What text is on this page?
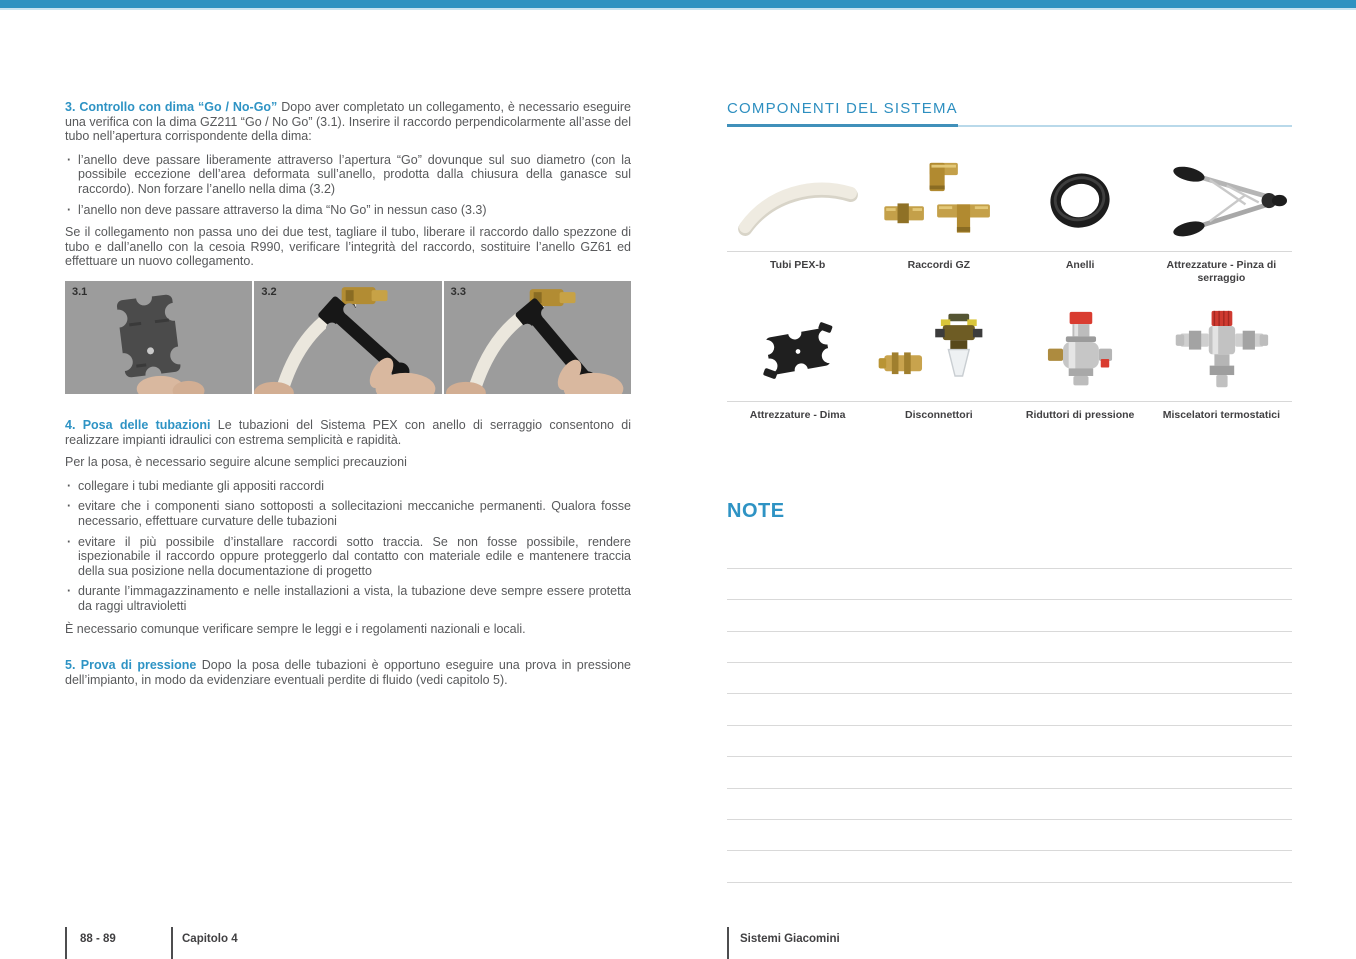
3. Controllo con dima “Go / No-Go” Dopo aver completato un collegamento, è necessario eseguire una verifica con la dima GZ211 “Go / No Go” (3.1). Inserire il raccordo perpendicolarmente all’asse del tubo nell’apertura corrispondente della dima:

· l’anello deve passare liberamente attraverso l’apertura “Go” dovunque sul suo diametro (con la possibile eccezione dell’area deformata sull’anello, prodotta dalla chiusura della ganasce sul raccordo). Non forzare l’anello nella dima (3.2)
· l’anello non deve passare attraverso la dima “No Go” in nessun caso (3.3)

Se il collegamento non passa uno dei due test, tagliare il tubo, liberare il raccordo dallo spezzone di tubo e dall’anello con la cesoia R990, verificare l’integrità del raccordo, sostituire l’anello GZ61 ed effettuare un nuovo collegamento.

3.1	3.2	3.3

4. Posa delle tubazioni Le tubazioni del Sistema PEX con anello di serraggio consentono di realizzare impianti idraulici con estrema semplicità e rapidità.

Per la posa, è necessario seguire alcune semplici precauzioni

· collegare i tubi mediante gli appositi raccordi
· evitare che i componenti siano sottoposti a sollecitazioni meccaniche permanenti. Qualora fosse necessario, effettuare curvature delle tubazioni
· evitare il più possibile d’installare raccordi sotto traccia. Se non fosse possibile, rendere ispezionabile il raccordo oppure proteggerlo dal contatto con materiale edile e mantenere traccia della sua posizione nella documentazione di progetto
· durante l’immagazzinamento e nelle installazioni a vista, la tubazione deve sempre essere protetta da raggi ultravioletti

È necessario comunque verificare sempre le leggi e i regolamenti nazionali e locali.

5. Prova di pressione Dopo la posa delle tubazioni è opportuno eseguire una prova in pressione dell’impianto, in modo da evidenziare eventuali perdite di fluido (vedi capitolo 5).

COMPONENTI DEL SISTEMA
Tubi PEX-b	Raccordi GZ	Anelli	Attrezzature - Pinza di serraggio
Attrezzature - Dima	Disconnettori	Riduttori di pressione	Miscelatori termostatici
NOTE
88 - 89	Capitolo 4	Sistemi Giacomini
